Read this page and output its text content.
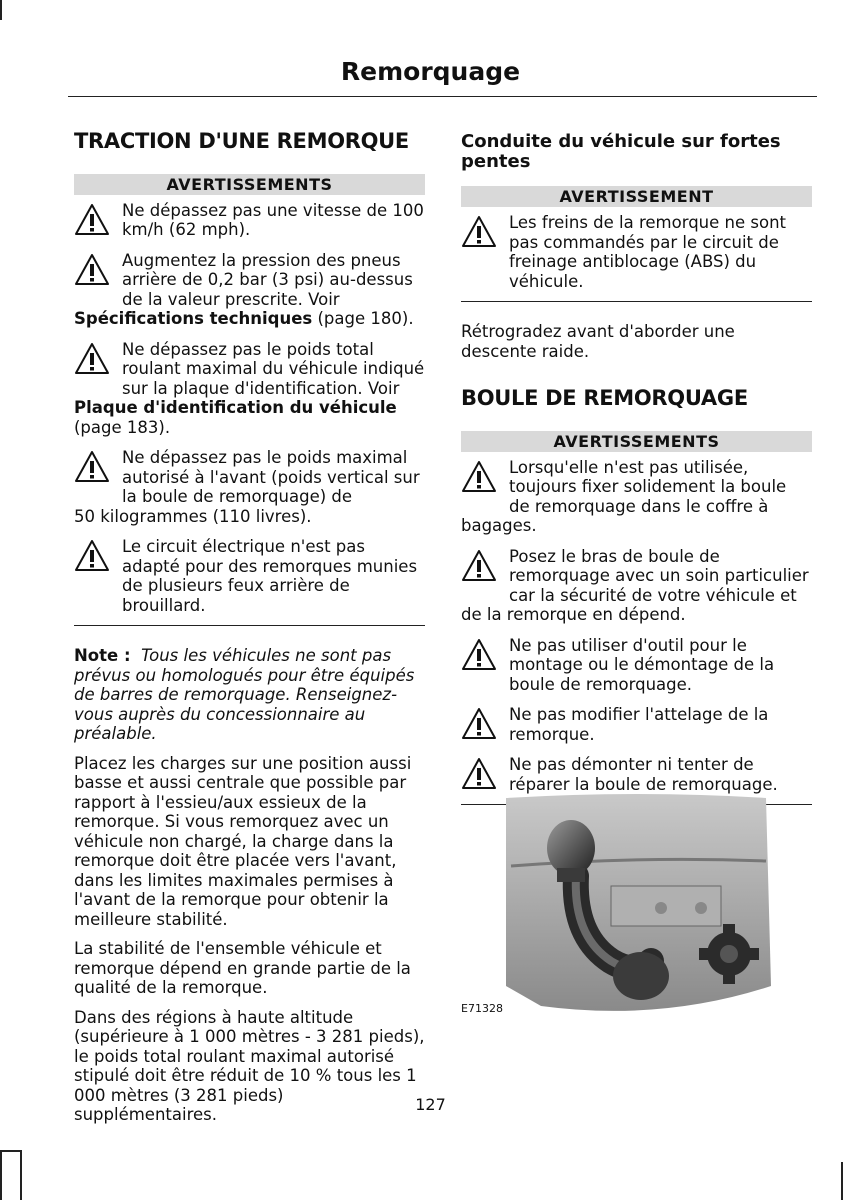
Remorquage
TRACTION D'UNE REMORQUE
AVERTISSEMENTS
Ne dépassez pas une vitesse de 100 km/h (62 mph).
Augmentez la pression des pneus arrière de 0,2 bar (3 psi) au-dessus de la valeur prescrite. Voir
Spécifications techniques (page 180).
Ne dépassez pas le poids total roulant maximal du véhicule indiqué sur la plaque d'identification. Voir
Plaque d'identification du véhicule
(page 183).
Ne dépassez pas le poids maximal autorisé à l'avant (poids vertical sur la boule de remorquage) de
50 kilogrammes (110 livres).
Le circuit électrique n'est pas adapté pour des remorques munies de plusieurs feux arrière de brouillard.

Note : Tous les véhicules ne sont pas prévus ou homologués pour être équipés de barres de remorquage. Renseignez-vous auprès du concessionnaire au préalable.

Placez les charges sur une position aussi basse et aussi centrale que possible par rapport à l'essieu/aux essieux de la remorque. Si vous remorquez avec un véhicule non chargé, la charge dans la remorque doit être placée vers l'avant, dans les limites maximales permises à l'avant de la remorque pour obtenir la meilleure stabilité.

La stabilité de l'ensemble véhicule et remorque dépend en grande partie de la qualité de la remorque.

Dans des régions à haute altitude (supérieure à 1 000 mètres - 3 281 pieds), le poids total roulant maximal autorisé stipulé doit être réduit de 10 % tous les 1 000 mètres (3 281 pieds) supplémentaires.

Conduite du véhicule sur fortes pentes
AVERTISSEMENT
Les freins de la remorque ne sont pas commandés par le circuit de freinage antiblocage (ABS) du véhicule.

Rétrogradez avant d'aborder une descente raide.

BOULE DE REMORQUAGE
AVERTISSEMENTS
Lorsqu'elle n'est pas utilisée, toujours fixer solidement la boule de remorquage dans le coffre à
bagages.
Posez le bras de boule de remorquage avec un soin particulier car la sécurité de votre véhicule et
de la remorque en dépend.
Ne pas utiliser d'outil pour le montage ou le démontage de la boule de remorquage.
Ne pas modifier l'attelage de la remorque.
Ne pas démonter ni tenter de réparer la boule de remorquage.
E71328
127
